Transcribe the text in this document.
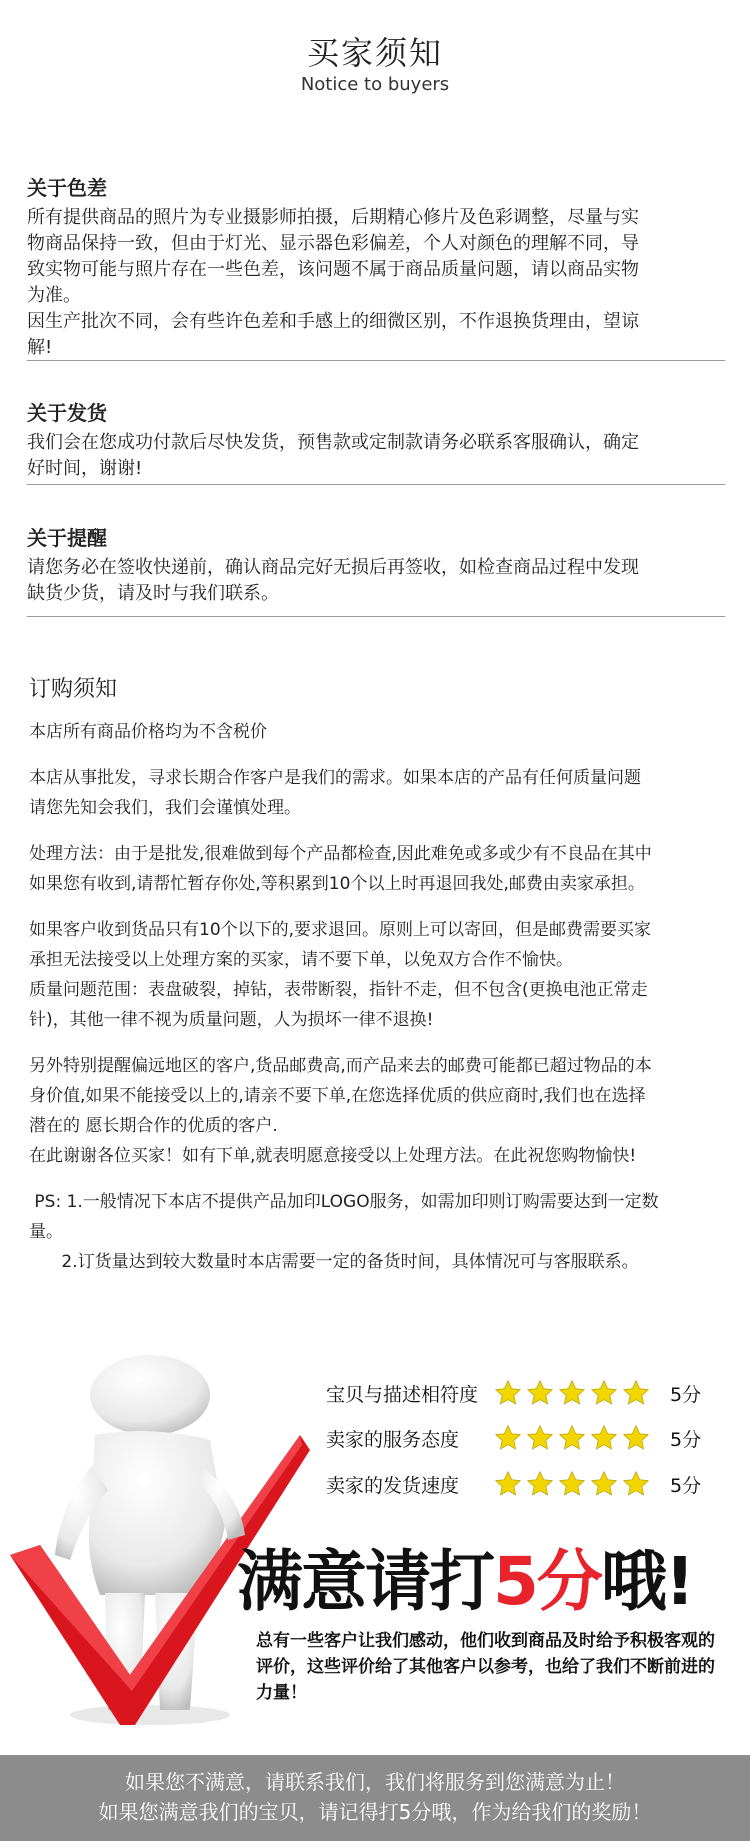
买家须知
Notice to buyers
关于色差

所有提供商品的照片为专业摄影师拍摄，后期精心修片及色彩调整，尽量与实

物商品保持一致，但由于灯光、显示器色彩偏差，个人对颜色的理解不同，导

致实物可能与照片存在一些色差，该问题不属于商品质量问题，请以商品实物

为准。

因生产批次不同，会有些许色差和手感上的细微区别，不作退换货理由，望谅

解!

关于发货

我们会在您成功付款后尽快发货，预售款或定制款请务必联系客服确认，确定

好时间，谢谢!

关于提醒

请您务必在签收快递前，确认商品完好无损后再签收，如检查商品过程中发现

缺货少货，请及时与我们联系。

订购须知
本店所有商品价格均为不含税价
本店从事批发，寻求长期合作客户是我们的需求。如果本店的产品有任何质量问题
请您先知会我们，我们会谨慎处理。
处理方法：由于是批发,很难做到每个产品都检查,因此难免或多或少有不良品在其中
如果您有收到,请帮忙暂存你处,等积累到10个以上时再退回我处,邮费由卖家承担。
如果客户收到货品只有10个以下的,要求退回。原则上可以寄回，但是邮费需要买家
承担无法接受以上处理方案的买家，请不要下单，以免双方合作不愉快。
质量问题范围：表盘破裂，掉钻，表带断裂，指针不走，但不包含(更换电池正常走
针)，其他一律不视为质量问题，人为损坏一律不退换!
另外特别提醒偏远地区的客户,货品邮费高,而产品来去的邮费可能都已超过物品的本
身价值,如果不能接受以上的,请亲不要下单,在您选择优质的供应商时,我们也在选择
潜在的 愿长期合作的优质的客户.
在此谢谢各位买家！如有下单,就表明愿意接受以上处理方法。在此祝您购物愉快!
PS: 1.一般情况下本店不提供产品加印LOGO服务，如需加印则订购需要达到一定数
量。
2.订货量达到较大数量时本店需要一定的备货时间，具体情况可与客服联系。
宝贝与描述相符度	5分
卖家的服务态度	5分
卖家的发货速度	5分
满意请打5分哦!
总有一些客户让我们感动，他们收到商品及时给予积极客观的评价，这些评价给了其他客户以参考，也给了我们不断前进的力量！

如果您不满意，请联系我们，我们将服务到您满意为止！

如果您满意我们的宝贝，请记得打5分哦，作为给我们的奖励！
